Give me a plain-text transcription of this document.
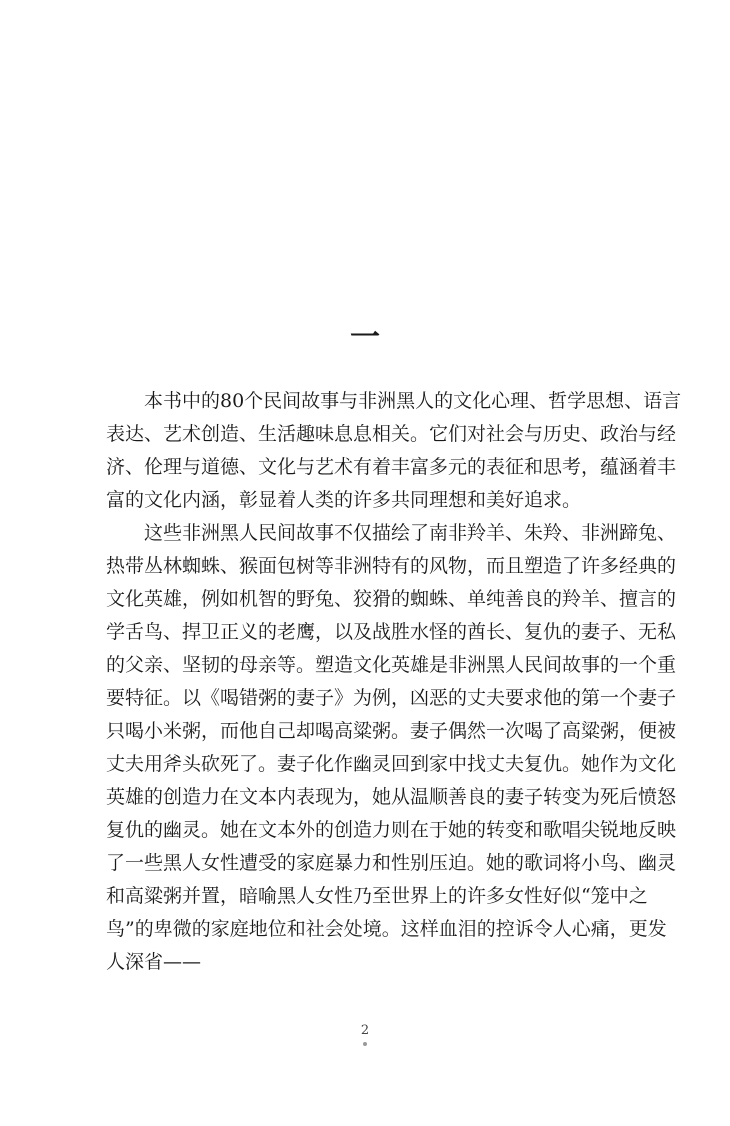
一
本书中的80个民间故事与非洲黑人的文化心理、哲学思想、语言
表达、艺术创造、生活趣味息息相关。它们对社会与历史、政治与经
济、伦理与道德、文化与艺术有着丰富多元的表征和思考，蕴涵着丰
富的文化内涵，彰显着人类的许多共同理想和美好追求。
这些非洲黑人民间故事不仅描绘了南非羚羊、朱羚、非洲蹄兔、
热带丛林蜘蛛、猴面包树等非洲特有的风物，而且塑造了许多经典的
文化英雄，例如机智的野兔、狡猾的蜘蛛、单纯善良的羚羊、擅言的
学舌鸟、捍卫正义的老鹰，以及战胜水怪的酋长、复仇的妻子、无私
的父亲、坚韧的母亲等。塑造文化英雄是非洲黑人民间故事的一个重
要特征。以《喝错粥的妻子》为例，凶恶的丈夫要求他的第一个妻子
只喝小米粥，而他自己却喝高粱粥。妻子偶然一次喝了高粱粥，便被
丈夫用斧头砍死了。妻子化作幽灵回到家中找丈夫复仇。她作为文化
英雄的创造力在文本内表现为，她从温顺善良的妻子转变为死后愤怒
复仇的幽灵。她在文本外的创造力则在于她的转变和歌唱尖锐地反映
了一些黑人女性遭受的家庭暴力和性别压迫。她的歌词将小鸟、幽灵
和高粱粥并置，暗喻黑人女性乃至世界上的许多女性好似“笼中之
鸟”的卑微的家庭地位和社会处境。这样血泪的控诉令人心痛，更发
人深省——
2
